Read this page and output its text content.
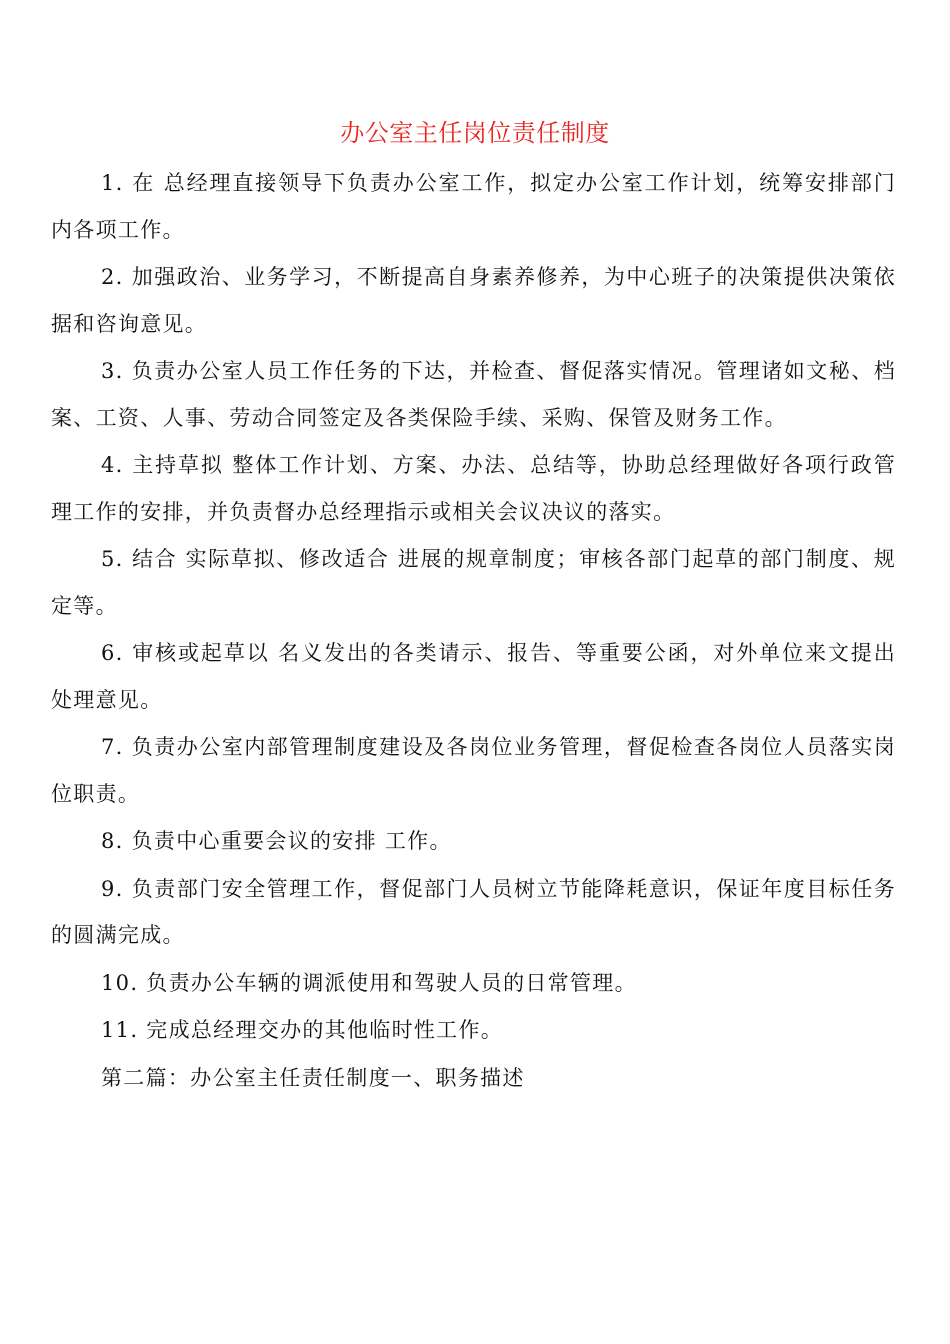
办公室主任岗位责任制度

1. 在 总经理直接领导下负责办公室工作，拟定办公室工作计划，统筹安排部门内各项工作。

2. 加强政治、业务学习，不断提高自身素养修养，为中心班子的决策提供决策依据和咨询意见。

3. 负责办公室人员工作任务的下达，并检查、督促落实情况。管理诸如文秘、档案、工资、人事、劳动合同签定及各类保险手续、采购、保管及财务工作。

4. 主持草拟 整体工作计划、方案、办法、总结等，协助总经理做好各项行政管理工作的安排，并负责督办总经理指示或相关会议决议的落实。

5. 结合 实际草拟、修改适合 进展的规章制度；审核各部门起草的部门制度、规定等。

6. 审核或起草以 名义发出的各类请示、报告、等重要公函，对外单位来文提出处理意见。

7. 负责办公室内部管理制度建设及各岗位业务管理，督促检查各岗位人员落实岗位职责。

8. 负责中心重要会议的安排 工作。

9. 负责部门安全管理工作，督促部门人员树立节能降耗意识，保证年度目标任务的圆满完成。

10. 负责办公车辆的调派使用和驾驶人员的日常管理。

11. 完成总经理交办的其他临时性工作。

第二篇：办公室主任责任制度一、职务描述
